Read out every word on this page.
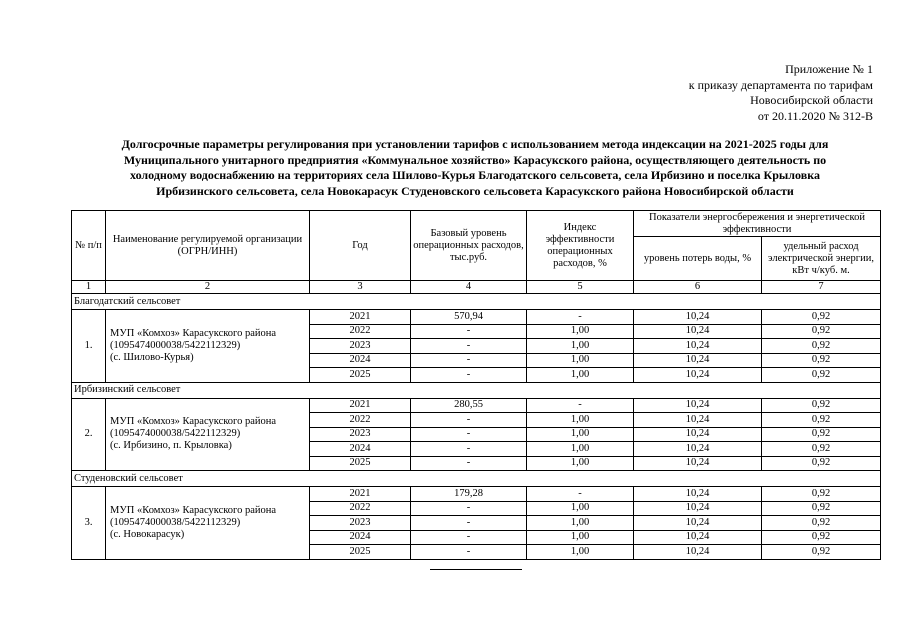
Приложение № 1
к приказу департамента по тарифам
Новосибирской области
от 20.11.2020 № 312-В
Долгосрочные параметры регулирования при установлении тарифов с использованием метода индексации на 2021-2025 годы для
Муниципального унитарного предприятия «Коммунальное хозяйство» Карасукского района, осуществляющего деятельность по
холодному водоснабжению на территориях села Шилово-Курья Благодатского сельсовета, села Ирбизино и поселка Крыловка
Ирбизинского сельсовета, села Новокарасук Студеновского сельсовета Карасукского района Новосибирской области
№ п/п	Наименование регулируемой организации (ОГРН/ИНН)	Год	Базовый уровень операционных расходов, тыс.руб.	Индекс эффективности операционных расходов, %	Показатели энергосбережения и энергетической эффективности	
					уровень потерь воды, %	удельный расход электрической энергии, кВт ч/куб. м.
1	2	3	4	5	6	7
Благодатский сельсовет						
1.	МУП «Комхоз» Карасукского района
(1095474000038/5422112329)
(с. Шилово-Курья)	2021	570,94	-	10,24	0,92
		2022	-	1,00	10,24	0,92
		2023	-	1,00	10,24	0,92
		2024	-	1,00	10,24	0,92
		2025	-	1,00	10,24	0,92
Ирбизинский сельсовет						
2.	МУП «Комхоз» Карасукского района
(1095474000038/5422112329)
(с. Ирбизино, п. Крыловка)	2021	280,55	-	10,24	0,92
		2022	-	1,00	10,24	0,92
		2023	-	1,00	10,24	0,92
		2024	-	1,00	10,24	0,92
		2025	-	1,00	10,24	0,92
Студеновский сельсовет						
3.	МУП «Комхоз» Карасукского района
(1095474000038/5422112329)
(с. Новокарасук)	2021	179,28	-	10,24	0,92
		2022	-	1,00	10,24	0,92
		2023	-	1,00	10,24	0,92
		2024	-	1,00	10,24	0,92
		2025	-	1,00	10,24	0,92
